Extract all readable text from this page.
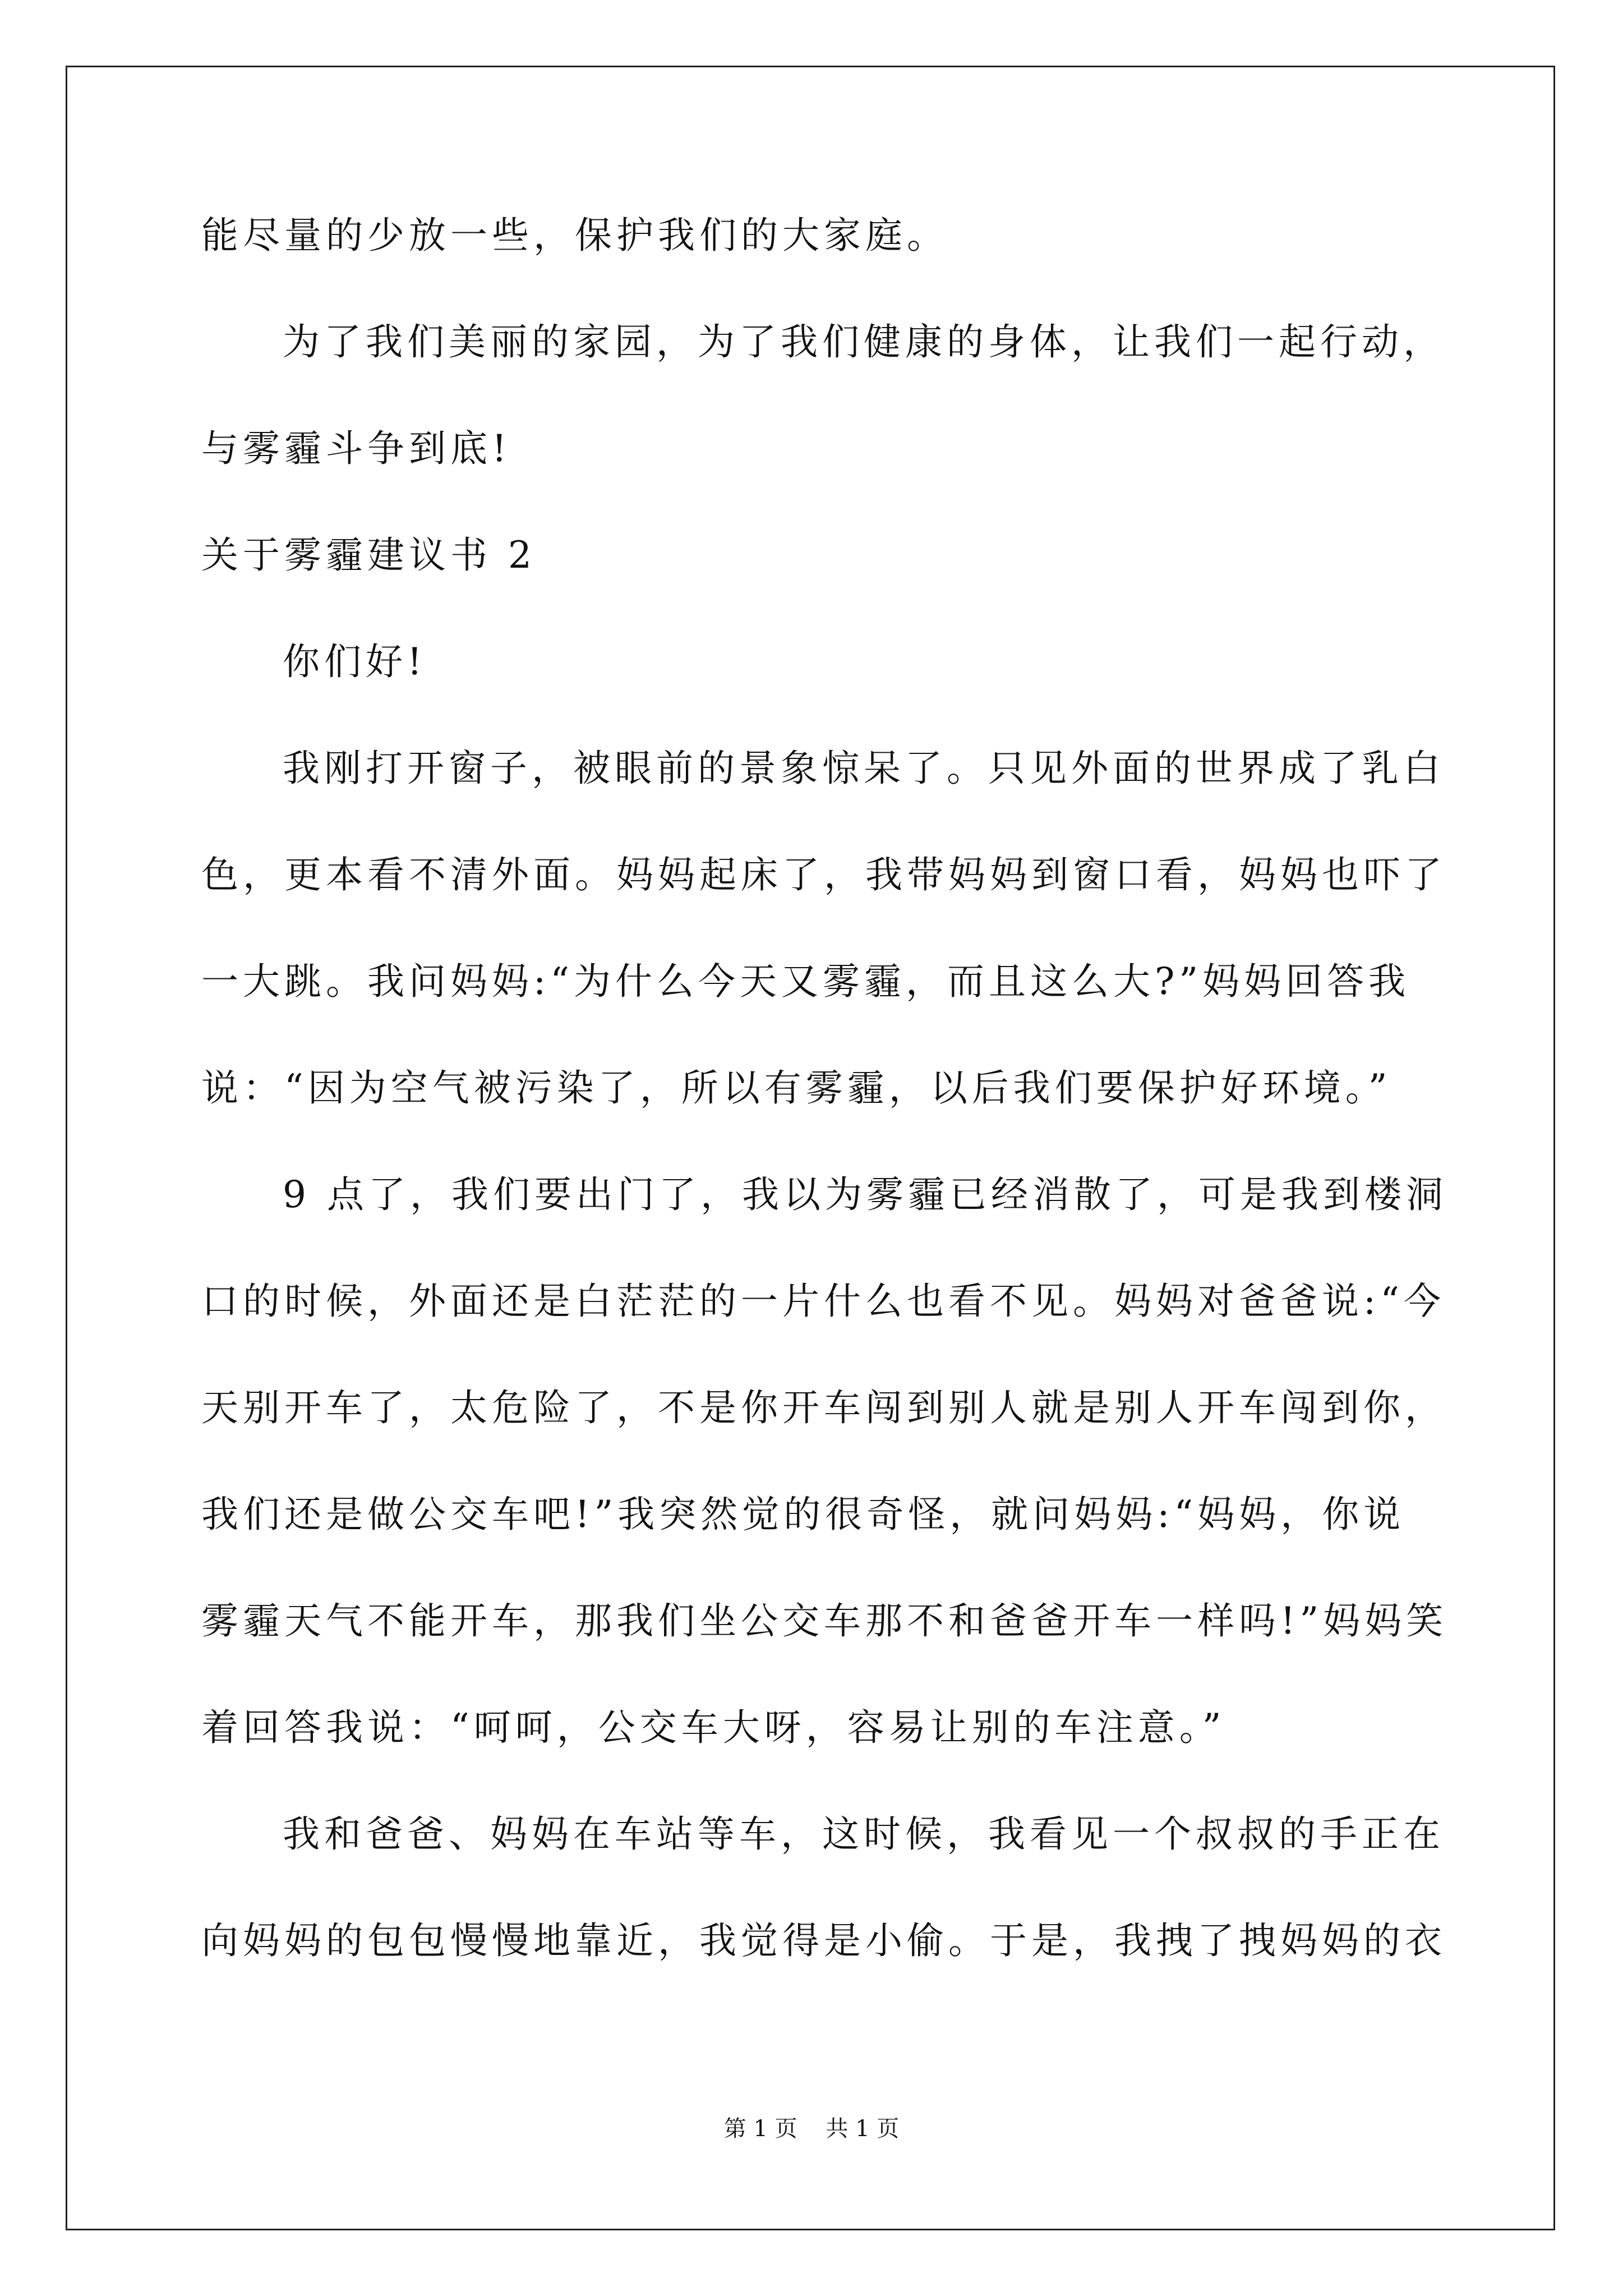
能尽量的少放一些，保护我们的大家庭。
为了我们美丽的家园，为了我们健康的身体，让我们一起行动，
与雾霾斗争到底!
关于雾霾建议书 2
你们好!
我刚打开窗子，被眼前的景象惊呆了。只见外面的世界成了乳白
色，更本看不清外面。妈妈起床了，我带妈妈到窗口看，妈妈也吓了
一大跳。我问妈妈:“为什么今天又雾霾，而且这么大?”妈妈回答我
说：“因为空气被污染了，所以有雾霾，以后我们要保护好环境。”
9 点了，我们要出门了，我以为雾霾已经消散了，可是我到楼洞
口的时候，外面还是白茫茫的一片什么也看不见。妈妈对爸爸说:“今
天别开车了，太危险了，不是你开车闯到别人就是别人开车闯到你，
我们还是做公交车吧!”我突然觉的很奇怪，就问妈妈:“妈妈，你说
雾霾天气不能开车，那我们坐公交车那不和爸爸开车一样吗!”妈妈笑
着回答我说：“呵呵，公交车大呀，容易让别的车注意。”
我和爸爸、妈妈在车站等车，这时候，我看见一个叔叔的手正在
向妈妈的包包慢慢地靠近，我觉得是小偷。于是，我拽了拽妈妈的衣
第 1 页    共 1 页
